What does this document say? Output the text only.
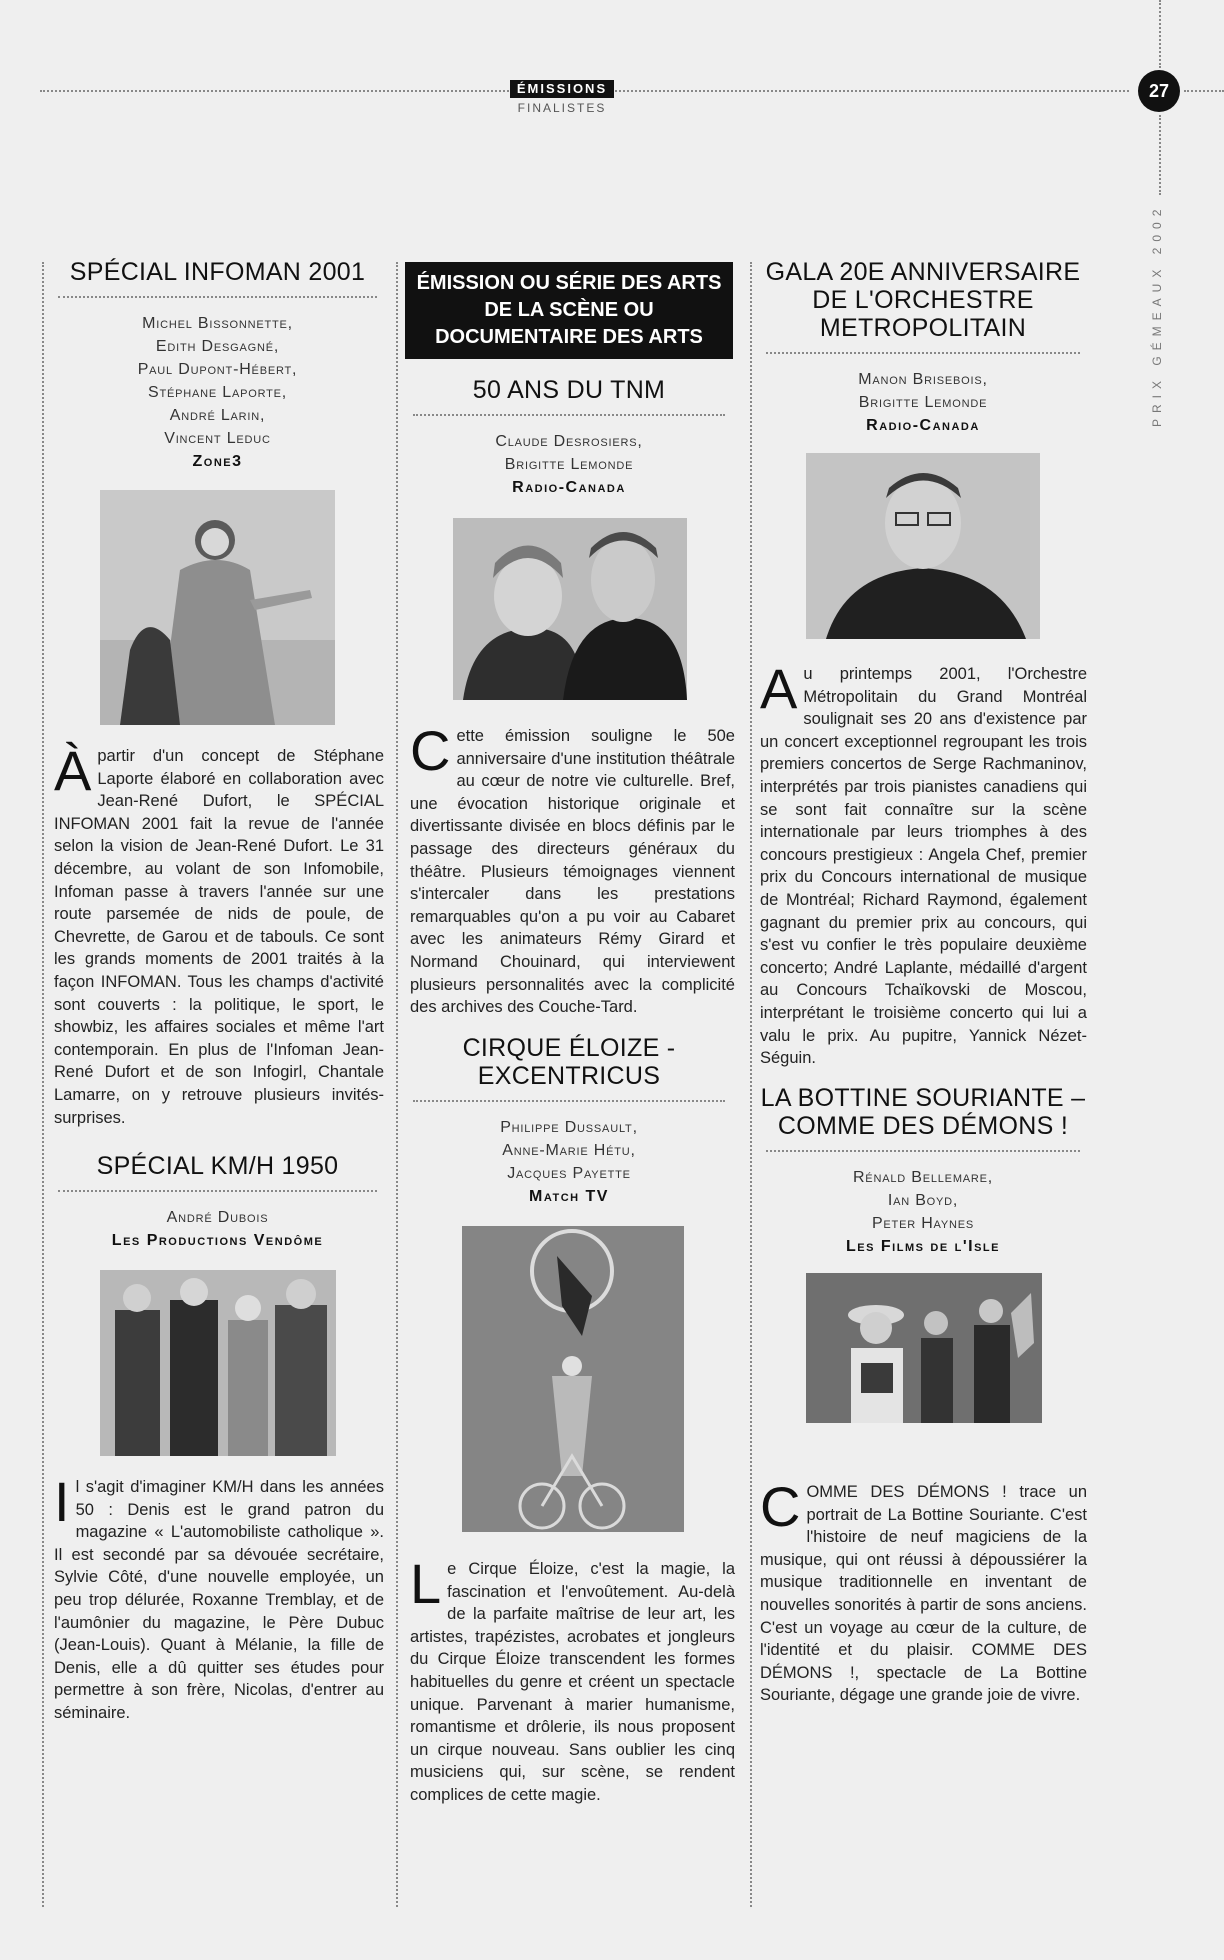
ÉMISSIONS
FINALISTES
27
PRIX GÉMEAUX 2002
SPÉCIAL INFOMAN 2001
Michel Bissonnette,
Edith Desgagné,
Paul Dupont-Hébert,
Stéphane Laporte,
André Larin,
Vincent Leduc
Zone3
Àpartir d'un concept de Stéphane Laporte élaboré en collaboration avec Jean-René Dufort, le SPÉCIAL INFOMAN 2001 fait la revue de l'année selon la vision de Jean-René Dufort. Le 31 décembre, au volant de son Infomobile, Infoman passe à travers l'année sur une route parsemée de nids de poule, de Chevrette, de Garou et de tabouls. Ce sont les grands moments de 2001 traités à la façon INFOMAN. Tous les champs d'activité sont couverts : la politique, le sport, le showbiz, les affaires sociales et même l'art contemporain. En plus de l'Infoman Jean-René Dufort et de son Infogirl, Chantale Lamarre, on y retrouve plusieurs invités-surprises.
SPÉCIAL KM/H 1950
André Dubois
Les Productions Vendôme
Il s'agit d'imaginer KM/H dans les années 50 : Denis est le grand patron du magazine « L'automobiliste catholique ». Il est secondé par sa dévouée secrétaire, Sylvie Côté, d'une nouvelle employée, un peu trop délurée, Roxanne Tremblay, et de l'aumônier du magazine, le Père Dubuc (Jean-Louis). Quant à Mélanie, la fille de Denis, elle a dû quitter ses études pour permettre à son frère, Nicolas, d'entrer au séminaire.
ÉMISSION OU SÉRIE DES ARTS DE LA SCÈNE OU DOCUMENTAIRE DES ARTS
50 ANS DU TNM
Claude Desrosiers,
Brigitte Lemonde
Radio-Canada
Cette émission souligne le 50e anniversaire d'une institution théâtrale au cœur de notre vie culturelle. Bref, une évocation historique originale et divertissante divisée en blocs définis par le passage des directeurs généraux du théâtre. Plusieurs témoignages viennent s'intercaler dans les prestations remarquables qu'on a pu voir au Cabaret avec les animateurs Rémy Girard et Normand Chouinard, qui interviewent plusieurs personnalités avec la complicité des archives des Couche-Tard.
CIRQUE ÉLOIZE - EXCENTRICUS
Philippe Dussault,
Anne-Marie Hétu,
Jacques Payette
Match TV
Le Cirque Éloize, c'est la magie, la fascination et l'envoûtement. Au-delà de la parfaite maîtrise de leur art, les artistes, trapézistes, acrobates et jongleurs du Cirque Éloize transcendent les formes habituelles du genre et créent un spectacle unique. Parvenant à marier humanisme, romantisme et drôlerie, ils nous proposent un cirque nouveau. Sans oublier les cinq musiciens qui, sur scène, se rendent complices de cette magie.
GALA 20E ANNIVERSAIRE DE L'ORCHESTRE METROPOLITAIN
Manon Brisebois,
Brigitte Lemonde
Radio-Canada
Au printemps 2001, l'Orchestre Métropolitain du Grand Montréal soulignait ses 20 ans d'existence par un concert exceptionnel regroupant les trois premiers concertos de Serge Rachmaninov, interprétés par trois pianistes canadiens qui se sont fait connaître sur la scène internationale par leurs triomphes à des concours prestigieux : Angela Chef, premier prix du Concours international de musique de Montréal; Richard Raymond, également gagnant du premier prix au concours, qui s'est vu confier le très populaire deuxième concerto; André Laplante, médaillé d'argent au Concours Tchaïkovski de Moscou, interprétant le troisième concerto qui lui a valu le prix. Au pupitre, Yannick Nézet-Séguin.
LA BOTTINE SOURIANTE – COMME DES DÉMONS !
Rénald Bellemare,
Ian Boyd,
Peter Haynes
Les Films de l'Isle
COMME DES DÉMONS ! trace un portrait de La Bottine Souriante. C'est l'histoire de neuf magiciens de la musique, qui ont réussi à dépoussiérer la musique traditionnelle en inventant de nouvelles sonorités à partir de sons anciens. C'est un voyage au cœur de la culture, de l'identité et du plaisir. COMME DES DÉMONS !, spectacle de La Bottine Souriante, dégage une grande joie de vivre.
